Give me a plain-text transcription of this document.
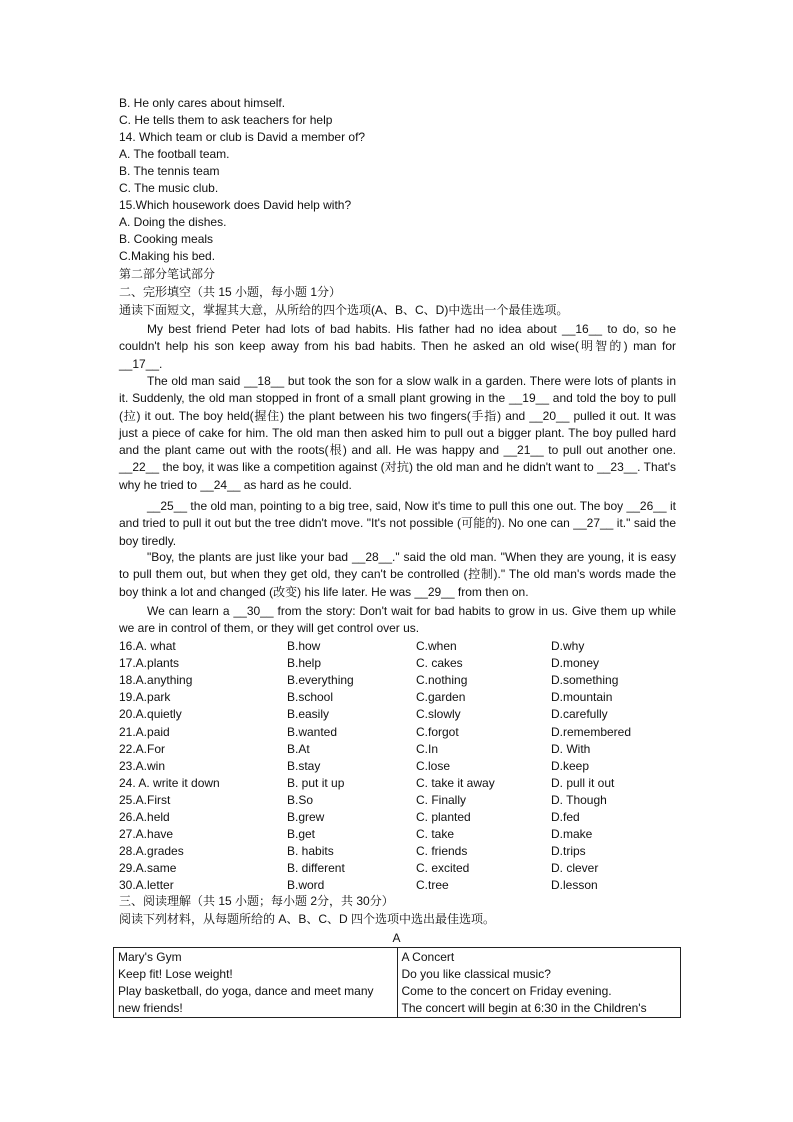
B. He only cares about himself.
C. He tells them to ask teachers for help
14. Which team or club is David a member of?
A. The football team.
B. The tennis team
C. The music club.
15.Which housework does David help with?
A. Doing the dishes.
B. Cooking meals
C.Making his bed.
第二部分笔试部分
二、完形填空（共 15 小题，每小题 1分）
通读下面短文，掌握其大意，从所给的四个选项(A、B、C、D)中选出一个最佳选项。
My best friend Peter had lots of bad habits. His father had no idea about __16__ to do, so he couldn't help his son keep away from his bad habits. Then he asked an old wise(明智的) man for __17__.
The old man said __18__ but took the son for a slow walk in a garden. There were lots of plants in it. Suddenly, the old man stopped in front of a small plant growing in the __19__ and told the boy to pull (拉) it out. The boy held(握住) the plant between his two fingers(手指) and __20__ pulled it out. It was just a piece of cake for him. The old man then asked him to pull out a bigger plant. The boy pulled hard and the plant came out with the roots(根) and all. He was happy and __21__ to pull out another one. __22__ the boy, it was like a competition against (对抗) the old man and he didn't want to __23__. That's why he tried to __24__ as hard as he could.
__25__ the old man, pointing to a big tree, said, Now it's time to pull this one out. The boy __26__ it and tried to pull it out but the tree didn't move. "It's not possible (可能的). No one can __27__ it." said the boy tiredly.
"Boy, the plants are just like your bad __28__." said the old man. "When they are young, it is easy to pull them out, but when they get old, they can't be controlled (控制)." The old man's words made the boy think a lot and changed (改变) his life later. He was __29__ from then on.
We can learn a __30__ from the story: Don't wait for bad habits to grow in us. Give them up while we are in control of them, or they will get control over us.
16.A. what	B.how	C.when	D.why
17.A.plants	B.help	C. cakes	D.money
18.A.anything	B.everything	C.nothing	D.something
19.A.park	B.school	C.garden	D.mountain
20.A.quietly	B.easily	C.slowly	D.carefully
21.A.paid	B.wanted	C.forgot	D.remembered
22.A.For	B.At	C.In	D. With
23.A.win	B.stay	C.lose	D.keep
24. A. write it down	B. put it up	C. take it away	D. pull it out
25.A.First	B.So	C. Finally	D. Though
26.A.held	B.grew	C. planted	D.fed
27.A.have	B.get	C. take	D.make
28.A.grades	B. habits	C. friends	D.trips
29.A.same	B. different	C. excited	D. clever
30.A.letter	B.word	C.tree	D.lesson
三、阅读理解（共 15 小题；每小题 2分，共 30分）
阅读下列材料，从每题所给的 A、B、C、D 四个选项中选出最佳选项。
A
Mary's Gym
Keep fit! Lose weight!
Play basketball, do yoga, dance and meet many
new friends!

A Concert
Do you like classical music?
Come to the concert on Friday evening.
The concert will begin at 6:30 in the Children's
